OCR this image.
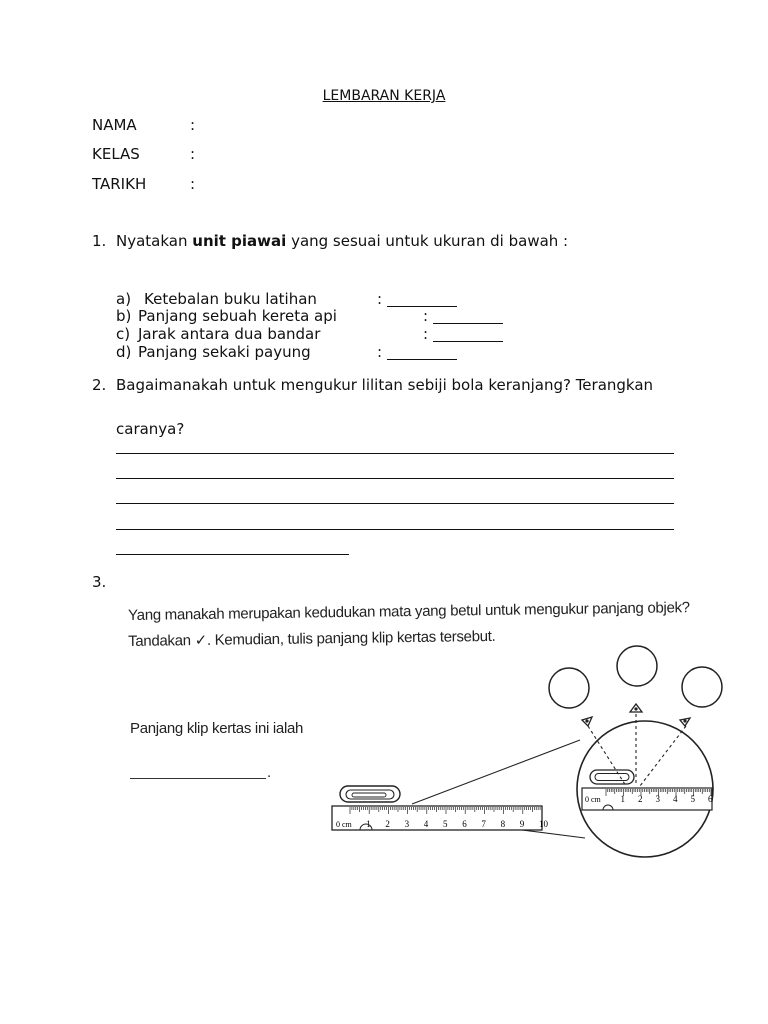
LEMBARAN KERJA
NAMA	:
KELAS	:
TARIKH	:
1. Nyatakan unit piawai yang sesuai untuk ukuran di bawah :
a) Ketebalan buku latihan	:
b) Panjang sebuah kereta api	:
c) Jarak antara dua bandar	:
d) Panjang sekaki payung	:
2. Bagaimanakah untuk mengukur lilitan sebiji bola keranjang? Terangkan
caranya?
3.
Yang manakah merupakan kedudukan mata yang betul untuk mengukur panjang objek?
Tandakan ✓. Kemudian, tulis panjang klip kertas tersebut.
Panjang klip kertas ini ialah
.
0 cm 1 2 3 4 5 6 7 8 9 10
0 cm 1 2 3 4 5 6
